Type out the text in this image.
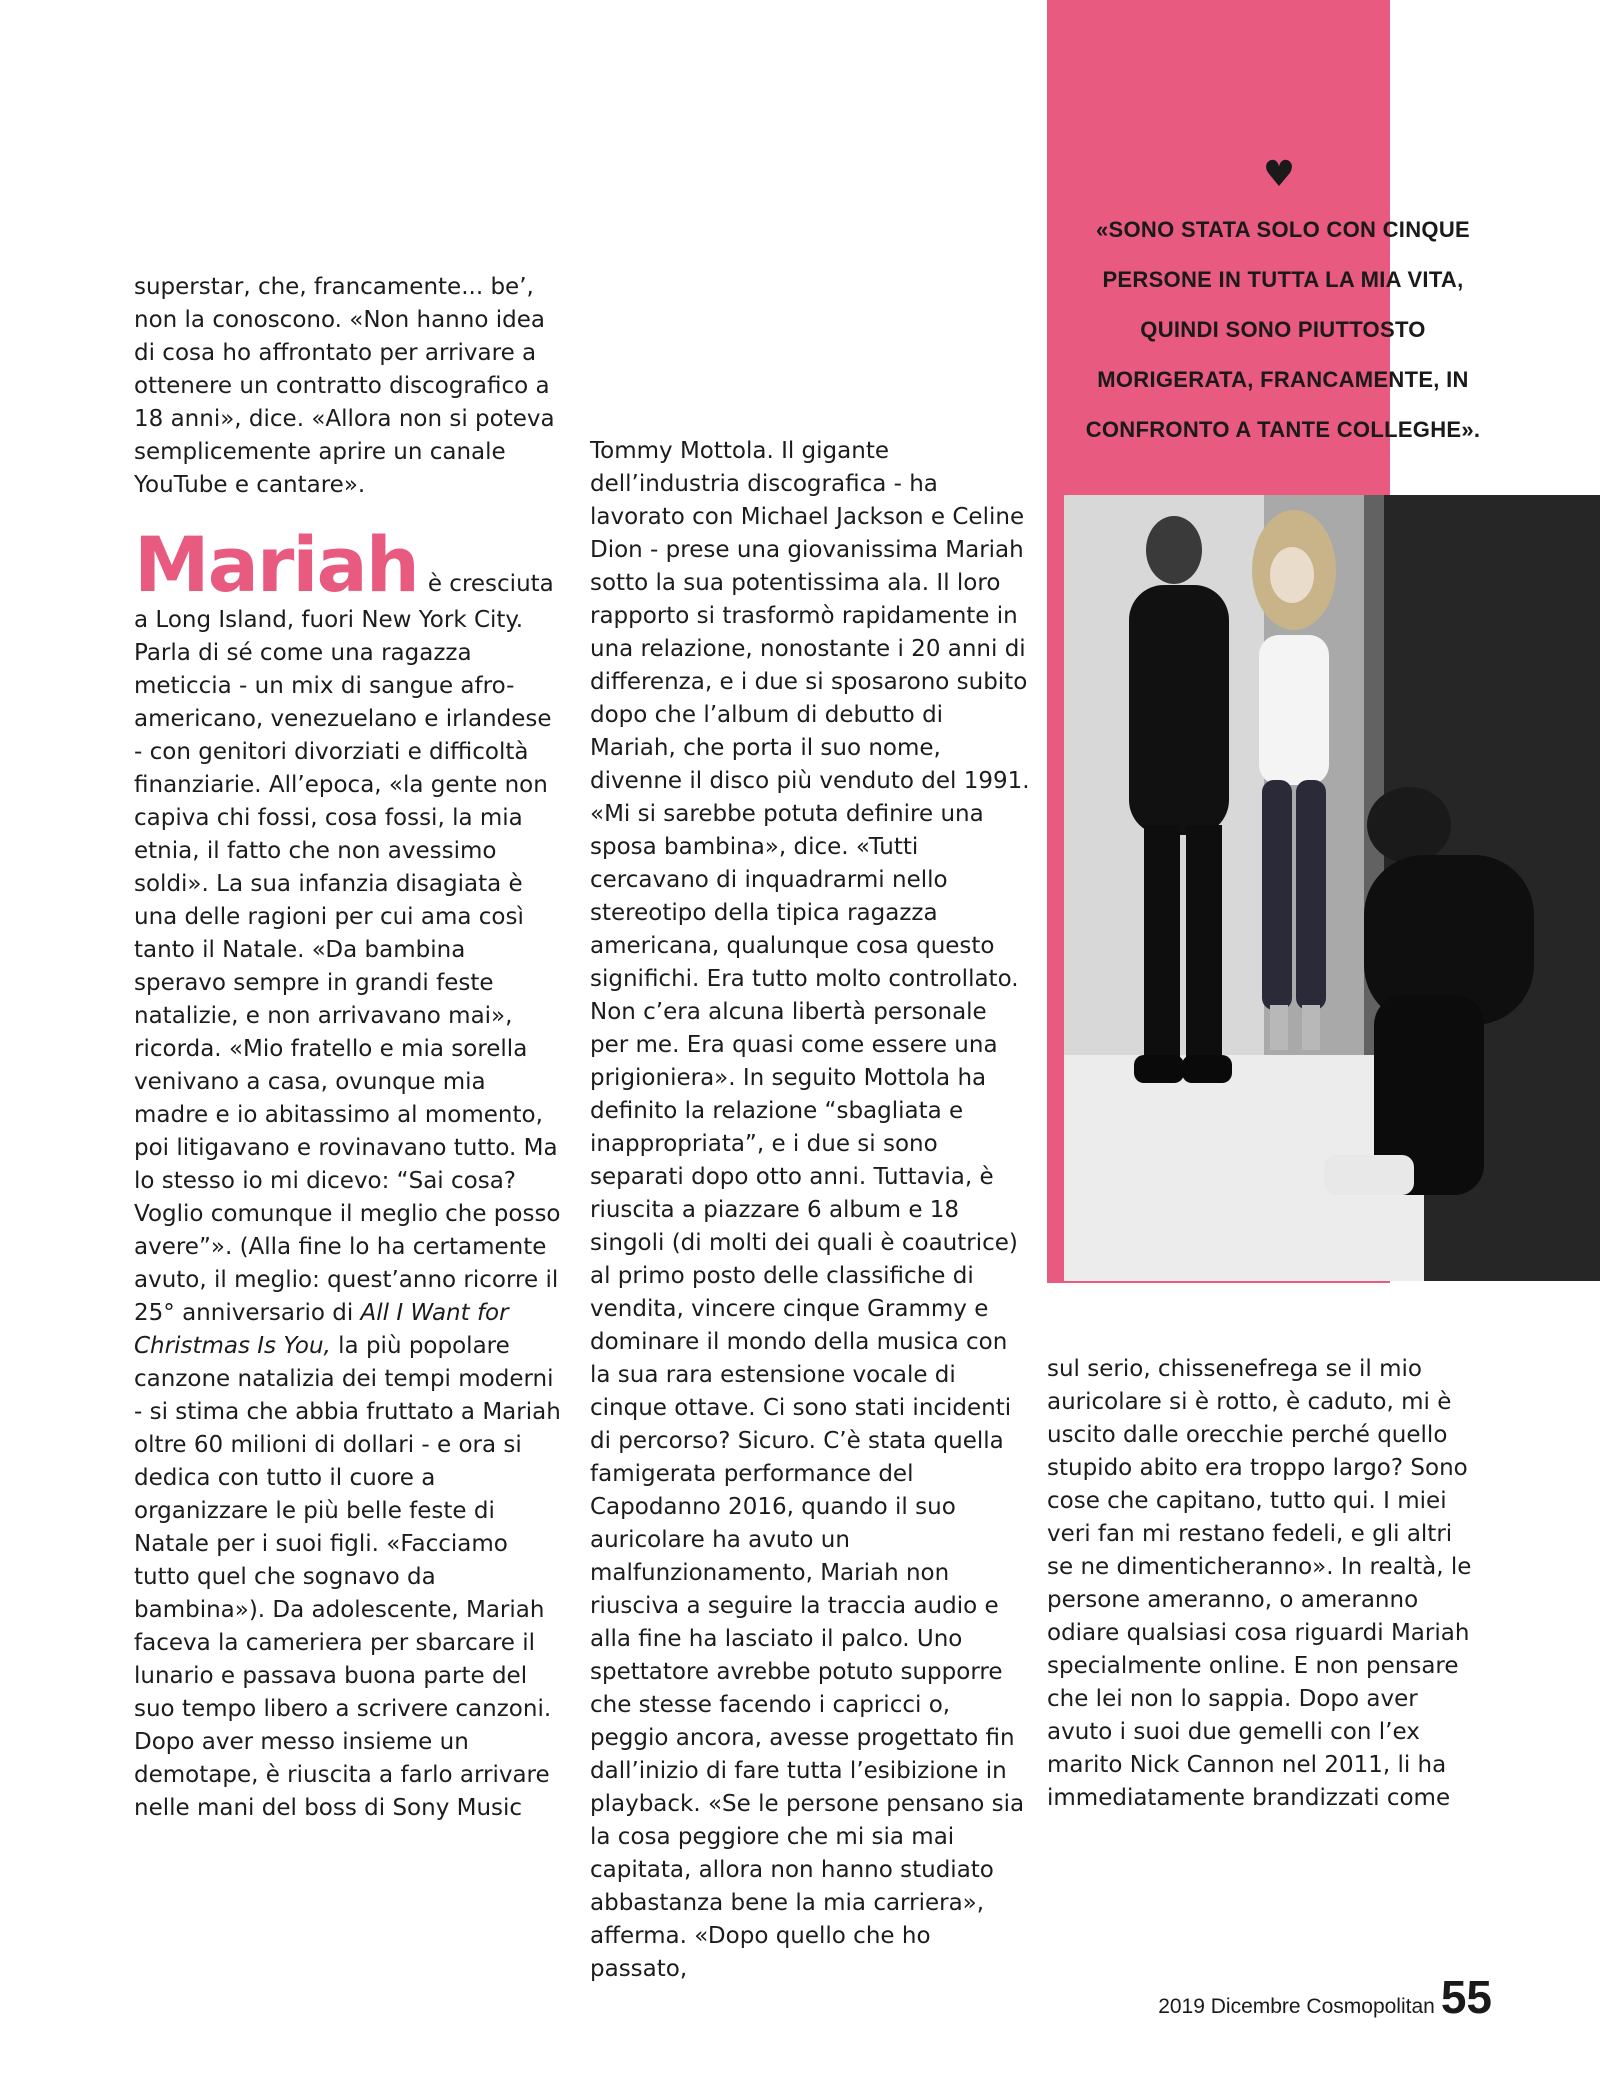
♥

«SONO STATA SOLO CON CINQUE PERSONE IN TUTTA LA MIA VITA, QUINDI SONO PIUTTOSTO MORIGERATA, FRANCAMENTE, IN CONFRONTO A TANTE COLLEGHE».

superstar, che, francamente... be’, non la conoscono. «Non hanno idea di cosa ho affrontato per arrivare a ottenere un contratto discografico a 18 anni», dice. «Allora non si poteva semplicemente aprire un canale YouTube e cantare».

Mariah è cresciuta a Long Island, fuori New York City. Parla di sé come una ragazza meticcia - un mix di sangue afro-americano, venezuelano e irlandese - con genitori divorziati e difficoltà finanziarie. All’epoca, «la gente non capiva chi fossi, cosa fossi, la mia etnia, il fatto che non avessimo soldi». La sua infanzia disagiata è una delle ragioni per cui ama così tanto il Natale. «Da bambina speravo sempre in grandi feste natalizie, e non arrivavano mai», ricorda. «Mio fratello e mia sorella venivano a casa, ovunque mia madre e io abitassimo al momento, poi litigavano e rovinavano tutto. Ma lo stesso io mi dicevo: “Sai cosa? Voglio comunque il meglio che posso avere”». (Alla fine lo ha certamente avuto, il meglio: quest’anno ricorre il 25° anniversario di All I Want for Christmas Is You, la più popolare canzone natalizia dei tempi moderni - si stima che abbia fruttato a Mariah oltre 60 milioni di dollari - e ora si dedica con tutto il cuore a organizzare le più belle feste di Natale per i suoi figli. «Facciamo tutto quel che sognavo da bambina»). Da adolescente, Mariah faceva la cameriera per sbarcare il lunario e passava buona parte del suo tempo libero a scrivere canzoni. Dopo aver messo insieme un demotape, è riuscita a farlo arrivare nelle mani del boss di Sony Music

Tommy Mottola. Il gigante dell’industria discografica - ha lavorato con Michael Jackson e Celine Dion - prese una giovanissima Mariah sotto la sua potentissima ala. Il loro rapporto si trasformò rapidamente in una relazione, nonostante i 20 anni di differenza, e i due si sposarono subito dopo che l’album di debutto di Mariah, che porta il suo nome, divenne il disco più venduto del 1991. «Mi si sarebbe potuta definire una sposa bambina», dice. «Tutti cercavano di inquadrarmi nello stereotipo della tipica ragazza americana, qualunque cosa questo significhi. Era tutto molto controllato. Non c’era alcuna libertà personale per me. Era quasi come essere una prigioniera». In seguito Mottola ha definito la relazione “sbagliata e inappropriata”, e i due si sono separati dopo otto anni. Tuttavia, è riuscita a piazzare 6 album e 18 singoli (di molti dei quali è coautrice) al primo posto delle classifiche di vendita, vincere cinque Grammy e dominare il mondo della musica con la sua rara estensione vocale di cinque ottave. Ci sono stati incidenti di percorso? Sicuro. C’è stata quella famigerata performance del Capodanno 2016, quando il suo auricolare ha avuto un malfunzionamento, Mariah non riusciva a seguire la traccia audio e alla fine ha lasciato il palco. Uno spettatore avrebbe potuto supporre che stesse facendo i capricci o, peggio ancora, avesse progettato fin dall’inizio di fare tutta l’esibizione in playback. «Se le persone pensano sia la cosa peggiore che mi sia mai capitata, allora non hanno studiato abbastanza bene la mia carriera», afferma. «Dopo quello che ho passato,

sul serio, chissenefrega se il mio auricolare si è rotto, è caduto, mi è uscito dalle orecchie perché quello stupido abito era troppo largo? Sono cose che capitano, tutto qui. I miei veri fan mi restano fedeli, e gli altri se ne dimenticheranno». In realtà, le persone ameranno, o ameranno odiare qualsiasi cosa riguardi Mariah specialmente online. E non pensare che lei non lo sappia. Dopo aver avuto i suoi due gemelli con l’ex marito Nick Cannon nel 2011, li ha immediatamente brandizzati come

2019 Dicembre Cosmopolitan 55
